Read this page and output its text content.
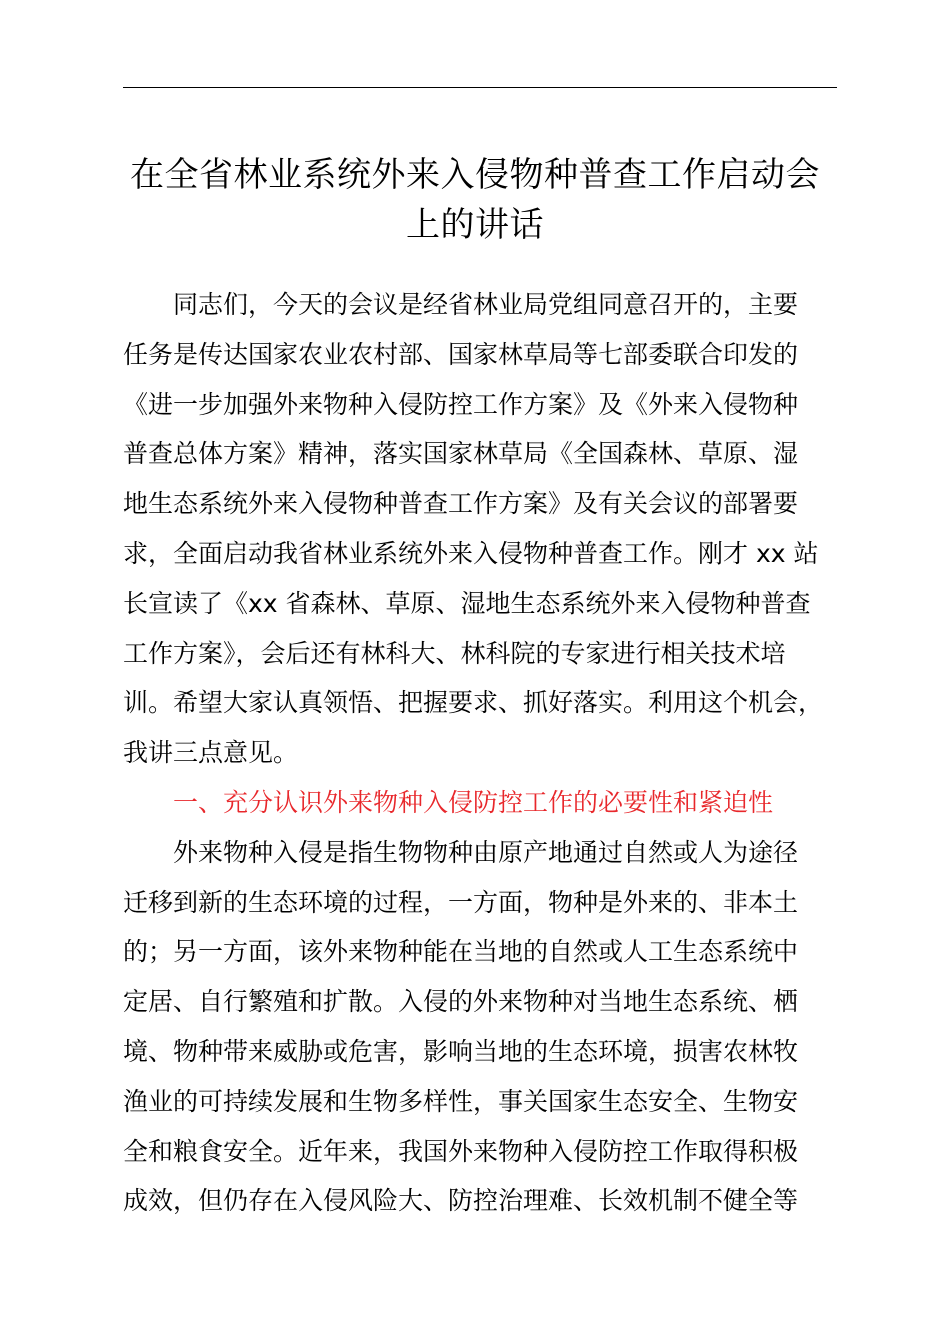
在全省林业系统外来入侵物种普查工作启动会
上的讲话
同志们，今天的会议是经省林业局党组同意召开的，主要
任务是传达国家农业农村部、国家林草局等七部委联合印发的
《进一步加强外来物种入侵防控工作方案》及《外来入侵物种
普查总体方案》精神，落实国家林草局《全国森林、草原、湿
地生态系统外来入侵物种普查工作方案》及有关会议的部署要
求，全面启动我省林业系统外来入侵物种普查工作。刚才 xx 站
长宣读了《xx 省森林、草原、湿地生态系统外来入侵物种普查
工作方案》，会后还有林科大、林科院的专家进行相关技术培
训。希望大家认真领悟、把握要求、抓好落实。利用这个机会，
我讲三点意见。
一、充分认识外来物种入侵防控工作的必要性和紧迫性
外来物种入侵是指生物物种由原产地通过自然或人为途径
迁移到新的生态环境的过程，一方面，物种是外来的、非本土
的；另一方面，该外来物种能在当地的自然或人工生态系统中
定居、自行繁殖和扩散。入侵的外来物种对当地生态系统、栖
境、物种带来威胁或危害，影响当地的生态环境，损害农林牧
渔业的可持续发展和生物多样性，事关国家生态安全、生物安
全和粮食安全。近年来，我国外来物种入侵防控工作取得积极
成效，但仍存在入侵风险大、防控治理难、长效机制不健全等
